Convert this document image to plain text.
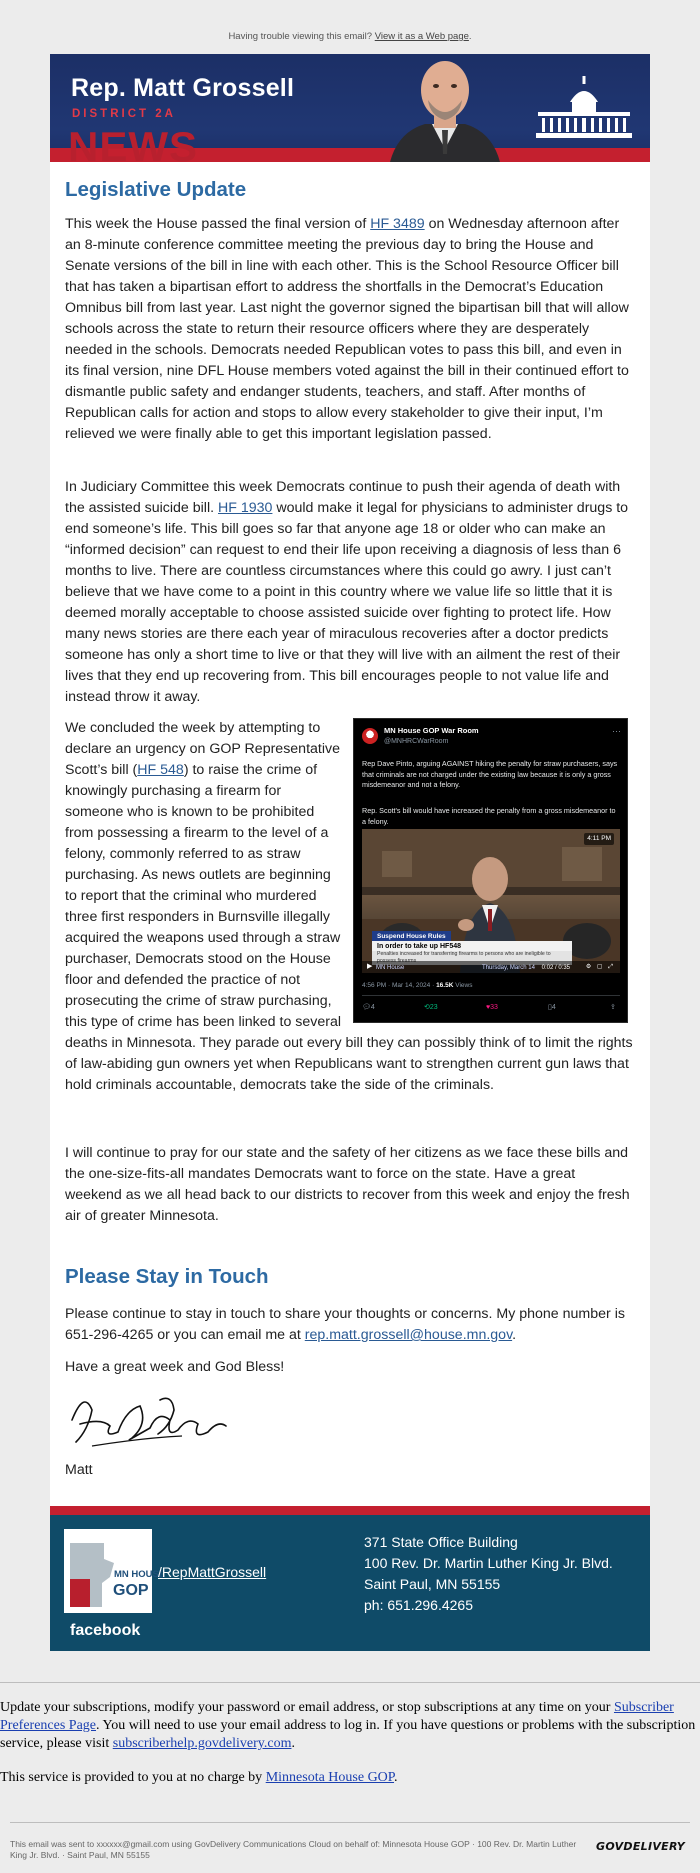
Having trouble viewing this email? View it as a Web page.
NEWS
Rep. Matt Grossell
DISTRICT 2A
Legislative Update

This week the House passed the final version of HF 3489 on Wednesday afternoon after an 8-minute conference committee meeting the previous day to bring the House and Senate versions of the bill in line with each other. This is the School Resource Officer bill that has taken a bipartisan effort to address the shortfalls in the Democrat’s Education Omnibus bill from last year. Last night the governor signed the bipartisan bill that will allow schools across the state to return their resource officers where they are desperately needed in the schools. Democrats needed Republican votes to pass this bill, and even in its final version, nine DFL House members voted against the bill in their continued effort to dismantle public safety and endanger students, teachers, and staff. After months of Republican calls for action and stops to allow every stakeholder to give their input, I’m relieved we were finally able to get this important legislation passed.

In Judiciary Committee this week Democrats continue to push their agenda of death with the assisted suicide bill. HF 1930 would make it legal for physicians to administer drugs to end someone’s life. This bill goes so far that anyone age 18 or older who can make an “informed decision” can request to end their life upon receiving a diagnosis of less than 6 months to live. There are countless circumstances where this could go awry. I just can’t believe that we have come to a point in this country where we value life so little that it is deemed morally acceptable to choose assisted suicide over fighting to protect life. How many news stories are there each year of miraculous recoveries after a doctor predicts someone has only a short time to live or that they will live with an ailment the rest of their lives that they end up recovering from. This bill encourages people to not value life and instead throw it away.

We concluded the week by attempting to declare an urgency on GOP Representative Scott’s bill (HF 548) to raise the crime of knowingly purchasing a firearm for someone who is known to be prohibited from possessing a firearm to the level of a felony, commonly referred to as straw purchasing. As news outlets are beginning to report that the criminal who murdered three first responders in Burnsville illegally acquired the weapons used through a straw purchaser, Democrats stood on the House floor and defended the practice of not prosecuting the crime of straw purchasing, this type of crime has been linked to several deaths in Minnesota. They parade out every bill they can possibly think of to limit the rights of law-abiding gun owners yet when Republicans want to strengthen current gun laws that hold criminals accountable, democrats take the side of the criminals.

MN House GOP War Room
@MNHRCWarRoom
···
Rep Dave Pinto, arguing AGAINST hiking the penalty for straw purchasers, says that criminals are not charged under the existing law because it is only a gross misdemeanor and not a felony.
Rep. Scott's bill would have increased the penalty from a gross misdemeanor to a felony.
4:11 PM
Suspend House Rules
In order to take up HF548
Penalties increased for transferring firearms to persons who are ineligible to
▶ MN House	Thursday, March 14 0:02 / 0:35	⚙ ▢ ⤢
4:56 PM · Mar 14, 2024 · 16.5K Views
💬︎ 4	⟲ 23	♥ 33	▯ 4	⇪

I will continue to pray for our state and the safety of her citizens as we face these bills and the one-size-fits-all mandates Democrats want to force on the state. Have a great weekend as we all head back to our districts to recover from this week and enjoy the fresh air of greater Minnesota.

Please Stay in Touch

Please continue to stay in touch to share your thoughts or concerns. My phone number is 651-296-4265 or you can email me at rep.matt.grossell@house.mn.gov.

Have a great week and God Bless!
Matt
MN HOUSE
GOP
facebook
/RepMattGrossell
371 State Office Building
100 Rev. Dr. Martin Luther King Jr. Blvd.
Saint Paul, MN 55155
ph: 651.296.4265
Update your subscriptions, modify your password or email address, or stop subscriptions at any time on your Subscriber Preferences Page. You will need to use your email address to log in. If you have questions or problems with the subscription service, please visit subscriberhelp.govdelivery.com.
This service is provided to you at no charge by Minnesota House GOP.
This email was sent to xxxxxx@gmail.com using GovDelivery Communications Cloud on behalf of: Minnesota House GOP · 100 Rev. Dr. Martin Luther King Jr. Blvd. · Saint Paul, MN 55155
GOVDELIVERY
